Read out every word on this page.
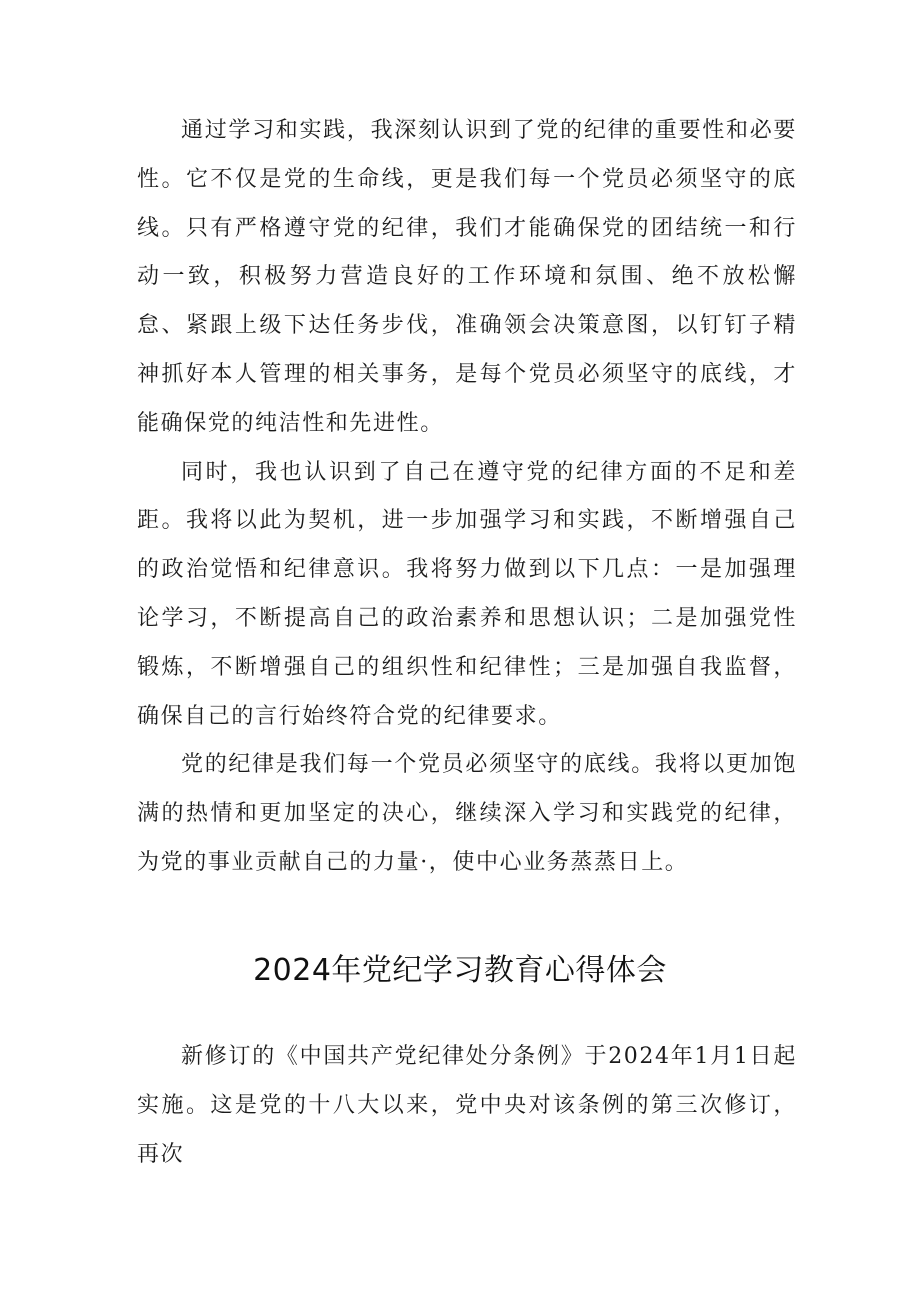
通过学习和实践，我深刻认识到了党的纪律的重要性和必要性。它不仅是党的生命线，更是我们每一个党员必须坚守的底线。只有严格遵守党的纪律，我们才能确保党的团结统一和行动一致，积极努力营造良好的工作环境和氛围、绝不放松懈怠、紧跟上级下达任务步伐，准确领会决策意图，以钉钉子精神抓好本人管理的相关事务，是每个党员必须坚守的底线，才能确保党的纯洁性和先进性。

同时，我也认识到了自己在遵守党的纪律方面的不足和差距。我将以此为契机，进一步加强学习和实践，不断增强自己的政治觉悟和纪律意识。我将努力做到以下几点：一是加强理论学习，不断提高自己的政治素养和思想认识；二是加强党性锻炼，不断增强自己的组织性和纪律性；三是加强自我监督，确保自己的言行始终符合党的纪律要求。

党的纪律是我们每一个党员必须坚守的底线。我将以更加饱满的热情和更加坚定的决心，继续深入学习和实践党的纪律，为党的事业贡献自己的力量·，使中心业务蒸蒸日上。

2024年党纪学习教育心得体会

新修订的《中国共产党纪律处分条例》于2024年1月1日起实施。这是党的十八大以来，党中央对该条例的第三次修订，再次
